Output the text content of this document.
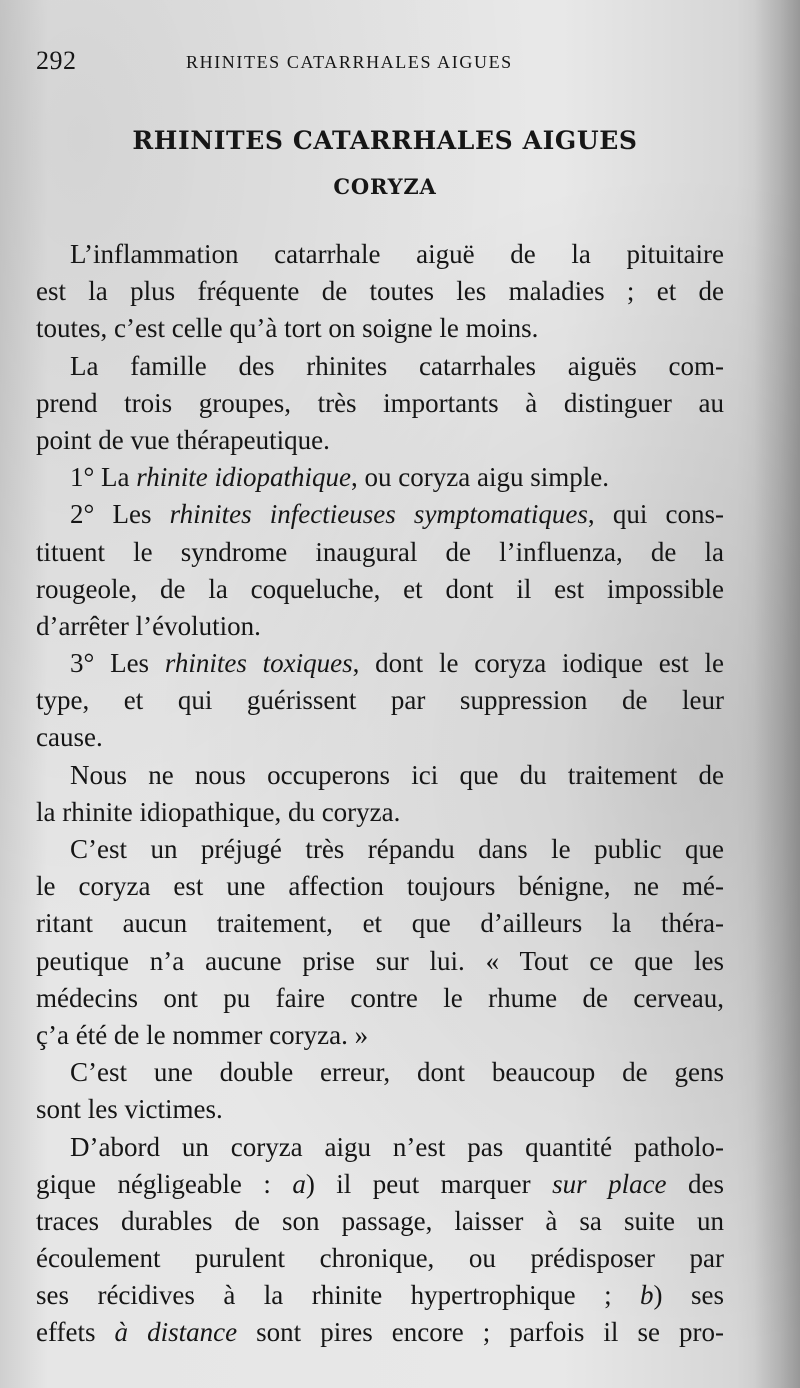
292	RHINITES CATARRHALES AIGUES
RHINITES CATARRHALES AIGUES
CORYZA
L’inflammation catarrhale aiguë de la pituitaire
est la plus fréquente de toutes les maladies ; et de
toutes, c’est celle qu’à tort on soigne le moins.
La famille des rhinites catarrhales aiguës com-
prend trois groupes, très importants à distinguer au
point de vue thérapeutique.
1° La rhinite idiopathique, ou coryza aigu simple.
2° Les rhinites infectieuses symptomatiques, qui cons-
tituent le syndrome inaugural de l’influenza, de la
rougeole, de la coqueluche, et dont il est impossible
d’arrêter l’évolution.
3° Les rhinites toxiques, dont le coryza iodique est le
type, et qui guérissent par suppression de leur
cause.
Nous ne nous occuperons ici que du traitement de
la rhinite idiopathique, du coryza.
C’est un préjugé très répandu dans le public que
le coryza est une affection toujours bénigne, ne mé-
ritant aucun traitement, et que d’ailleurs la théra-
peutique n’a aucune prise sur lui. « Tout ce que les
médecins ont pu faire contre le rhume de cerveau,
ç’a été de le nommer coryza. »
C’est une double erreur, dont beaucoup de gens
sont les victimes.
D’abord un coryza aigu n’est pas quantité patholo-
gique négligeable : a) il peut marquer sur place des
traces durables de son passage, laisser à sa suite un
écoulement purulent chronique, ou prédisposer par
ses récidives à la rhinite hypertrophique ; b) ses
effets à distance sont pires encore ; parfois il se pro-
